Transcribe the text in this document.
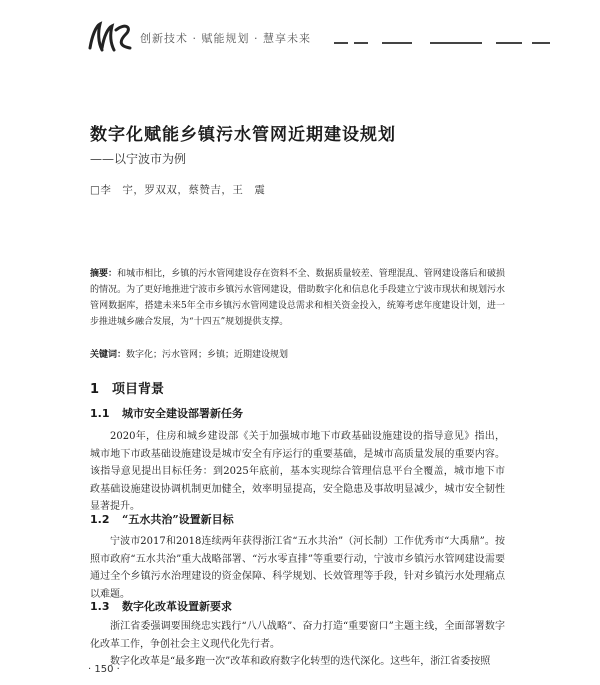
创新技术 · 赋能规划 · 慧享未来
数字化赋能乡镇污水管网近期建设规划
——以宁波市为例
□李　宇，罗双双，蔡赞吉，王　震
摘要：和城市相比，乡镇的污水管网建设存在资料不全、数据质量较差、管理混乱、管网建设落后和破损的情况。为了更好地推进宁波市乡镇污水管网建设，借助数字化和信息化手段建立宁波市现状和规划污水管网数据库，搭建未来5年全市乡镇污水管网建设总需求和相关资金投入，统筹考虑年度建设计划，进一步推进城乡融合发展，为“十四五”规划提供支撑。
关键词：数字化；污水管网；乡镇；近期建设规划
1 项目背景
1.1 城市安全建设部署新任务
2020年，住房和城乡建设部《关于加强城市地下市政基础设施建设的指导意见》指出，城市地下市政基础设施建设是城市安全有序运行的重要基础，是城市高质量发展的重要内容。该指导意见提出目标任务：到2025年底前，基本实现综合管理信息平台全覆盖，城市地下市政基础设施建设协调机制更加健全，效率明显提高，安全隐患及事故明显减少，城市安全韧性显著提升。
1.2 “五水共治”设置新目标
宁波市2017和2018连续两年获得浙江省“五水共治”（河长制）工作优秀市“大禹鼎”。按照市政府“五水共治”重大战略部署、“污水零直排”等重要行动，宁波市乡镇污水管网建设需要通过全个乡镇污水治理建设的资金保障、科学规划、长效管理等手段，针对乡镇污水处理痛点以难题。
1.3 数字化改革设置新要求
浙江省委强调要围绕忠实践行“八八战略”、奋力打造“重要窗口”主题主线，全面部署数字化改革工作，争创社会主义现代化先行者。
数字化改革是“最多跑一次”改革和政府数字化转型的迭代深化。这些年，浙江省委按照
· 150 ·
